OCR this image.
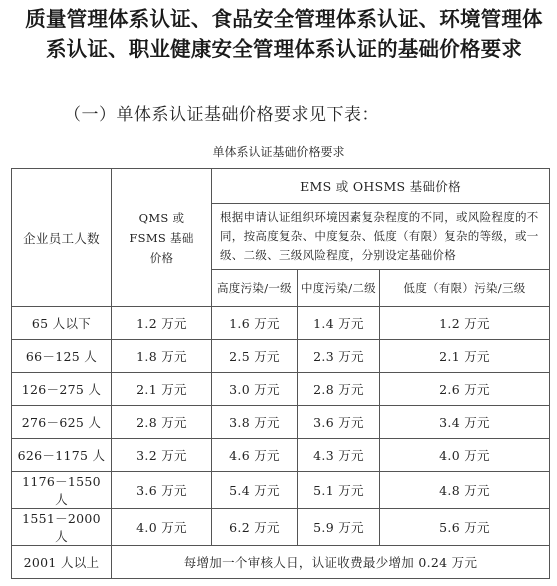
质量管理体系认证、食品安全管理体系认证、环境管理体系认证、职业健康安全管理体系认证的基础价格要求
（一）单体系认证基础价格要求见下表：
单体系认证基础价格要求
企业员工人数	QMS 或 FSMS 基础价格	EMS 或 OHSMS 基础价格		
		根据申请认证组织环境因素复杂程度的不同，或风险程度的不同，按高度复杂、中度复杂、低度（有限）复杂的等级，或一级、二级、三级风险程度，分别设定基础价格		
		高度污染/一级	中度污染/二级	低度（有限）污染/三级
65 人以下	1.2 万元	1.6 万元	1.4 万元	1.2 万元
66－125 人	1.8 万元	2.5 万元	2.3 万元	2.1 万元
126－275 人	2.1 万元	3.0 万元	2.8 万元	2.6 万元
276－625 人	2.8 万元	3.8 万元	3.6 万元	3.4 万元
626－1175 人	3.2 万元	4.6 万元	4.3 万元	4.0 万元
1176－1550 人	3.6 万元	5.4 万元	5.1 万元	4.8 万元
1551－2000 人	4.0 万元	6.2 万元	5.9 万元	5.6 万元
2001 人以上	每增加一个审核人日，认证收费最少增加 0.24 万元			
